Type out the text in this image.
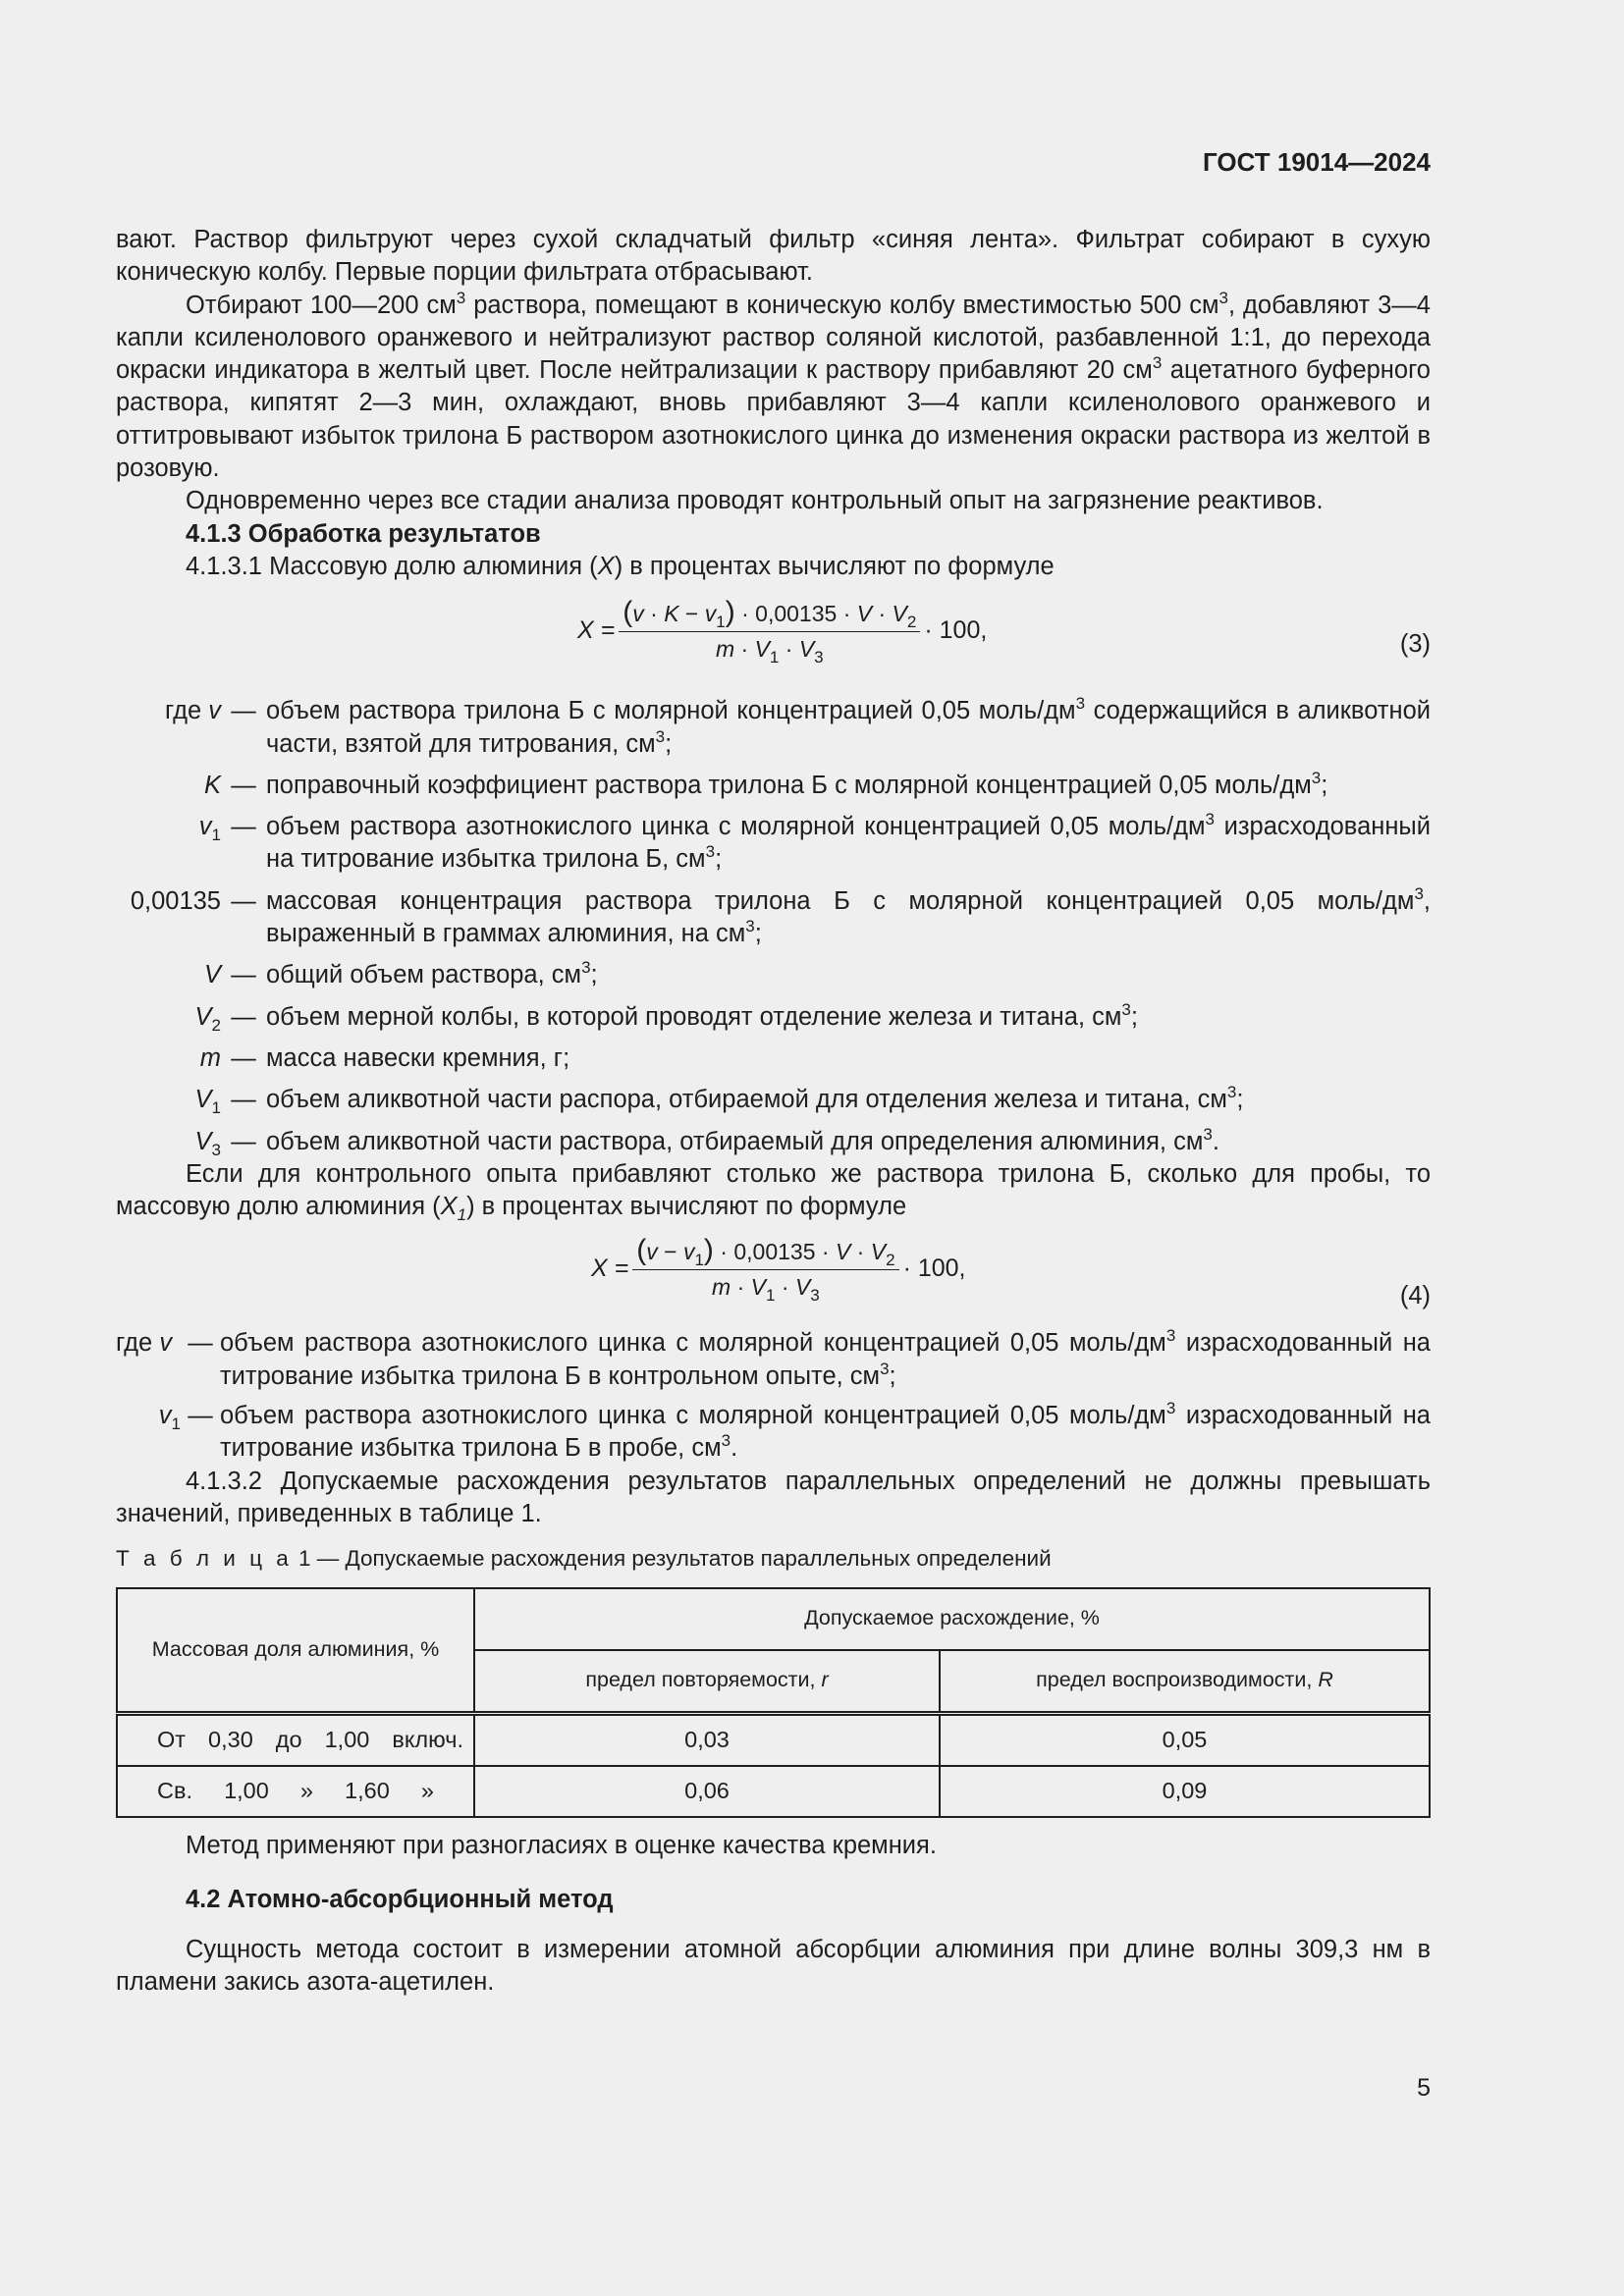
ГОСТ 19014—2024

вают. Раствор фильтруют через сухой складчатый фильтр «синяя лента». Фильтрат собирают в сухую коническую колбу. Первые порции фильтрата отбрасывают.

Отбирают 100—200 $см^3$ раствора, помещают в коническую колбу вместимостью 500 $см^3$, добавляют 3—4 капли ксиленолового оранжевого и нейтрализуют раствор соляной кислотой, разбавленной 1:1, до перехода окраски индикатора в желтый цвет. После нейтрализации к раствору прибавляют 20 $см^3$ ацетатного буферного раствора, кипятят 2—3 мин, охлаждают, вновь прибавляют 3—4 капли ксиленолового оранжевого и оттитровывают избыток трилона Б раствором азотнокислого цинка до изменения окраски раствора из желтой в розовую.

Одновременно через все стадии анализа проводят контрольный опыт на загрязнение реактивов.

4.1.3 Обработка результатов

4.1.3.1 Массовую долю алюминия (X) в процентах вычисляют по формуле

$X = \frac{(v \cdot K - v_1) \cdot 0,00135 \cdot V \cdot V_2}{m \cdot V_1 \cdot V_3} \cdot 100$,
(3)
где v — объем раствора трилона Б с молярной концентрацией 0,05 моль/$дм^3$ содержащийся в аликвотной части, взятой для титрования, $см^3$;
K — поправочный коэффициент раствора трилона Б с молярной концентрацией 0,05 моль/$дм^3$;
$v_1$ — объем раствора азотнокислого цинка с молярной концентрацией 0,05 моль/$дм^3$ израсходованный на титрование избытка трилона Б, $см^3$;
0,00135 — массовая концентрация раствора трилона Б с молярной концентрацией 0,05 моль/$дм^3$, выраженный в граммах алюминия, на $см^3$;
V — общий объем раствора, $см^3$;
$V_2$ — объем мерной колбы, в которой проводят отделение железа и титана, $см^3$;
m — масса навески кремния, г;
$V_1$ — объем аликвотной части распора, отбираемой для отделения железа и титана, $см^3$;
$V_3$ — объем аликвотной части раствора, отбираемый для определения алюминия, $см^3$.

Если для контрольного опыта прибавляют столько же раствора трилона Б, сколько для пробы, то массовую долю алюминия $(X_1)$ в процентах вычисляют по формуле

$X = \frac{(v - v_1) \cdot 0,00135 \cdot V \cdot V_2}{m \cdot V_1 \cdot V_3} \cdot 100$,
(4)
где v — объем раствора азотнокислого цинка с молярной концентрацией 0,05 моль/$дм^3$ израсходованный на титрование избытка трилона Б в контрольном опыте, $см^3$;
$v_1$ — объем раствора азотнокислого цинка с молярной концентрацией 0,05 моль/$дм^3$ израсходованный на титрование избытка трилона Б в пробе, $см^3$.

4.1.3.2 Допускаемые расхождения результатов параллельных определений не должны превышать значений, приведенных в таблице 1.

Т а б л и ц а 1 — Допускаемые расхождения результатов параллельных определений
Массовая доля алюминия, %	Допускаемое расхождение, %	
	предел повторяемости, r	предел воспроизводимости, R

От 0,30 до 1,00 включ.	0,03	0,05

Св. 1,00 » 1,60 »	0,06	0,09

Метод применяют при разногласиях в оценке качества кремния.

4.2 Атомно-абсорбционный метод

Сущность метода состоит в измерении атомной абсорбции алюминия при длине волны 309,3 нм в пламени закись азота-ацетилен.

5
